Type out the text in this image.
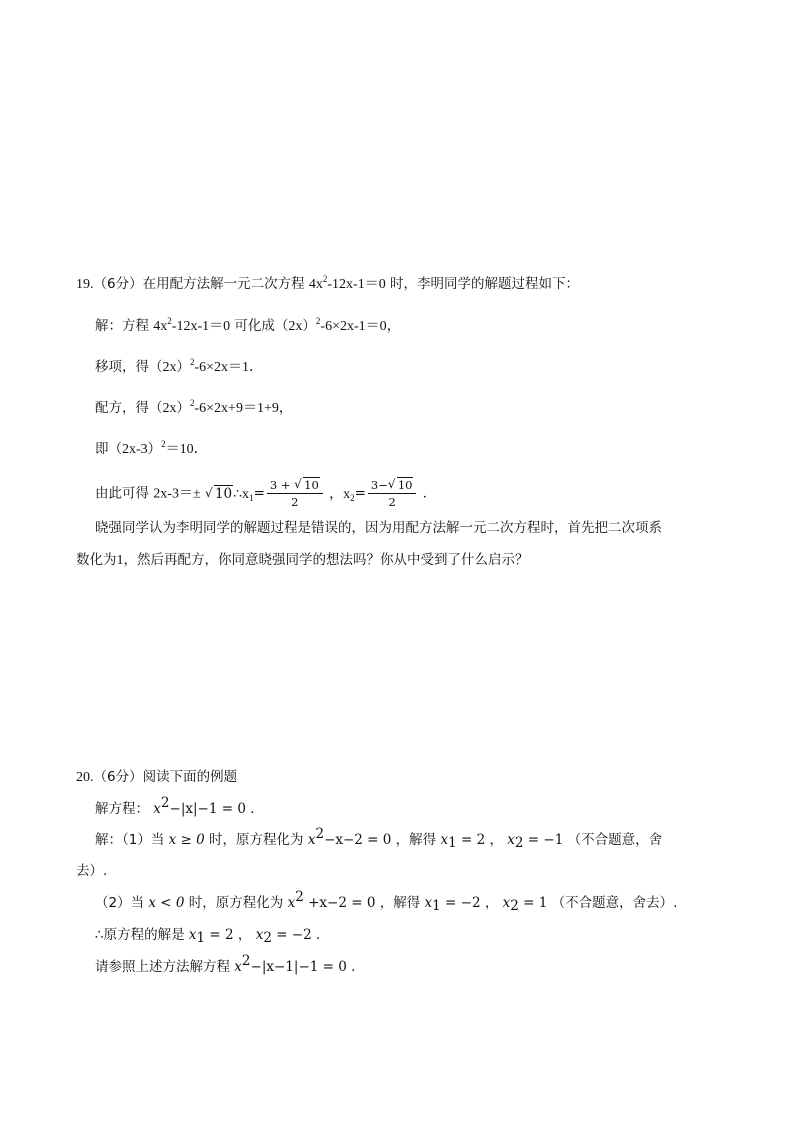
19.（6分）在用配方法解一元二次方程 $4x^2-12x-1=0$ 时，李明同学的解题过程如下：
解：方程 $4x^2-12x-1=0$ 可化成$(2x)^2-6\times 2x-1=0$，
移项，得$(2x)^2-6\times 2x=1$．
配方，得$(2x)^2-6\times 2x+9=1+9$，
即$(2x-3)^2=10$．
由此可得 2x-3＝± √ $10\therefore x_1= \frac{3 + √ 10}{2}$ ，$x_2= \frac{3- √ 10}{2}$ ．
晓强同学认为李明同学的解题过程是错误的，因为用配方法解一元二次方程时，首先把二次项系
数化为1，然后再配方，你同意晓强同学的想法吗？你从中受到了什么启示？
20.（6分）阅读下面的例题
解方程： $x^2-|x|-1 = 0$ ．
解：（1）当 x ≥ 0 时，原方程化为 $x^2-x-2 = 0$ ，解得 $x_1 = 2$ ， $x_2 = -1$ （不合题意，舍
去）.
（2）当 x < 0 时，原方程化为 $x^2 +x-2 = 0$ ，解得 $x_1 = -2$ ， $x_2 = 1$ （不合题意，舍去）.
∴原方程的解是 $x_1 = 2$ ， $x_2 = -2$ ．
请参照上述方法解方程 $x^2-|x-1|-1 = 0$ ．
